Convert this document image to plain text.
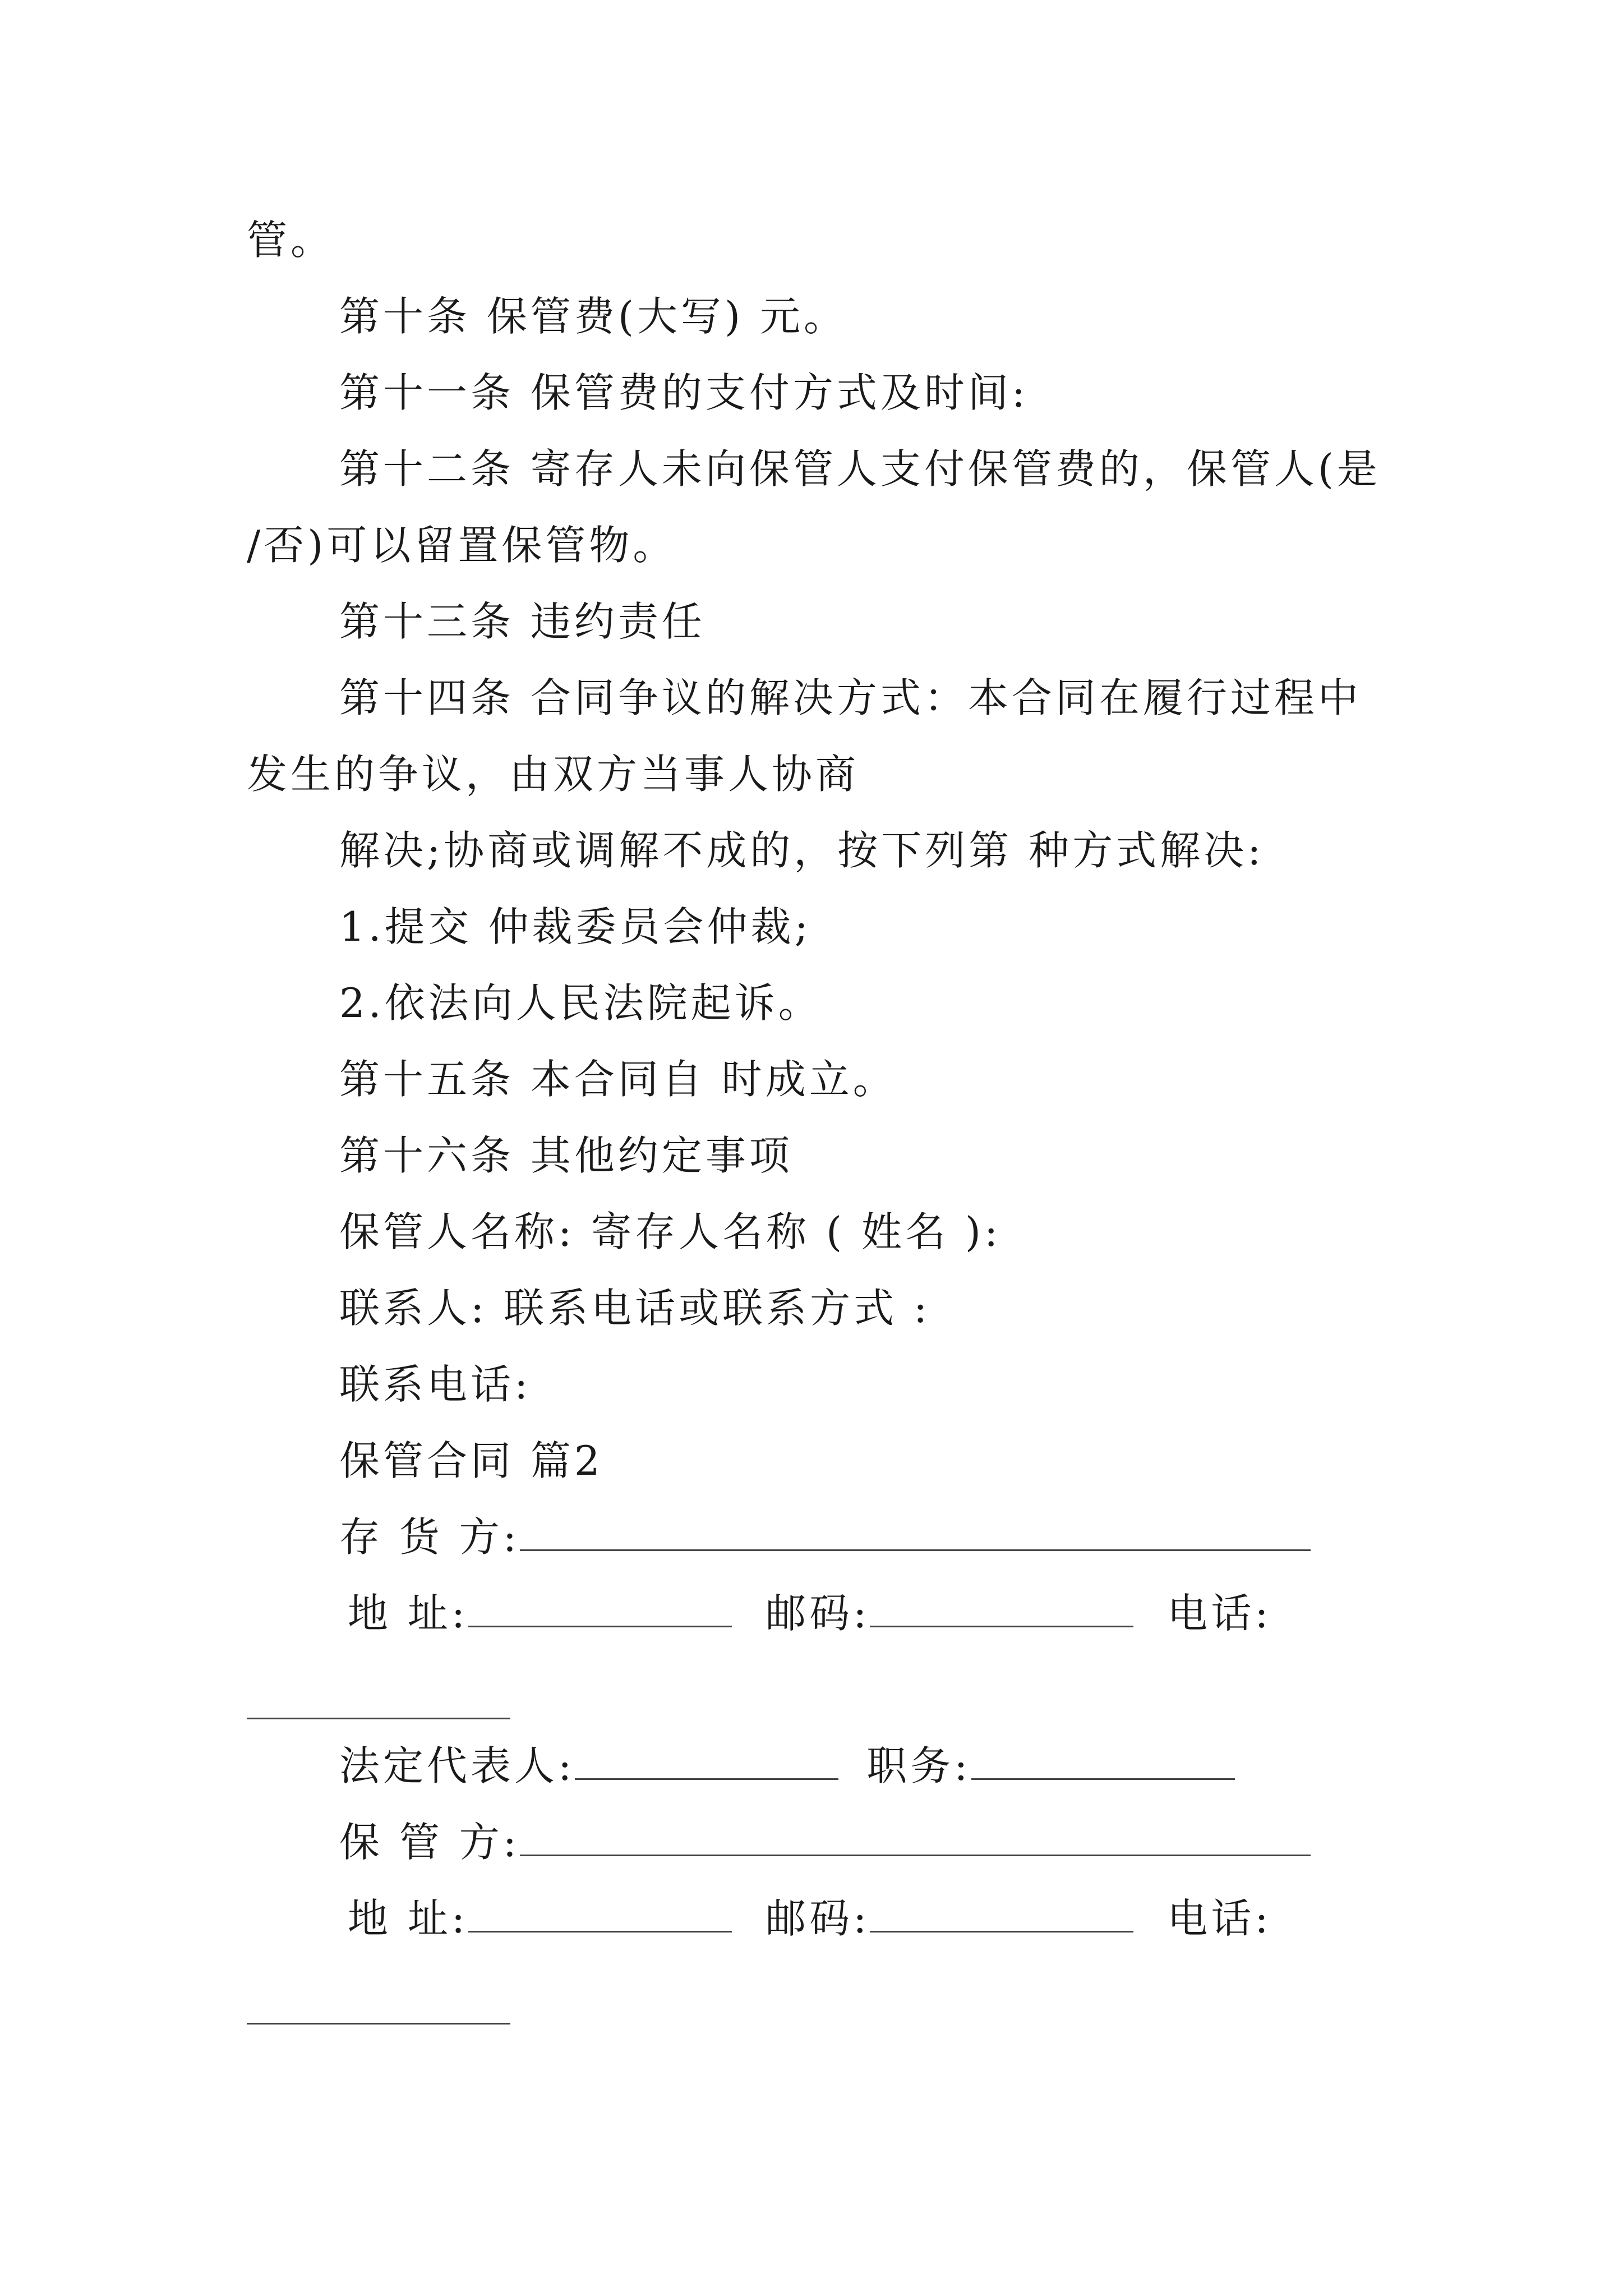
管。
第十条 保管费(大写) 元。
第十一条 保管费的支付方式及时间:
第十二条 寄存人未向保管人支付保管费的，保管人(是
/否)可以留置保管物。
第十三条 违约责任
第十四条 合同争议的解决方式：本合同在履行过程中
发生的争议，由双方当事人协商
解决;协商或调解不成的，按下列第 种方式解决:
1.提交 仲裁委员会仲裁;
2.依法向人民法院起诉。
第十五条 本合同自 时成立。
第十六条 其他约定事项
保管人名称: 寄存人名称 ( 姓名 ):
联系人: 联系电话或联系方式 :
联系电话:
保管合同 篇2
存 货 方:
地 址:	邮码:	电话:
法定代表人:	职务:
保 管 方:
地 址:	邮码:	电话:
